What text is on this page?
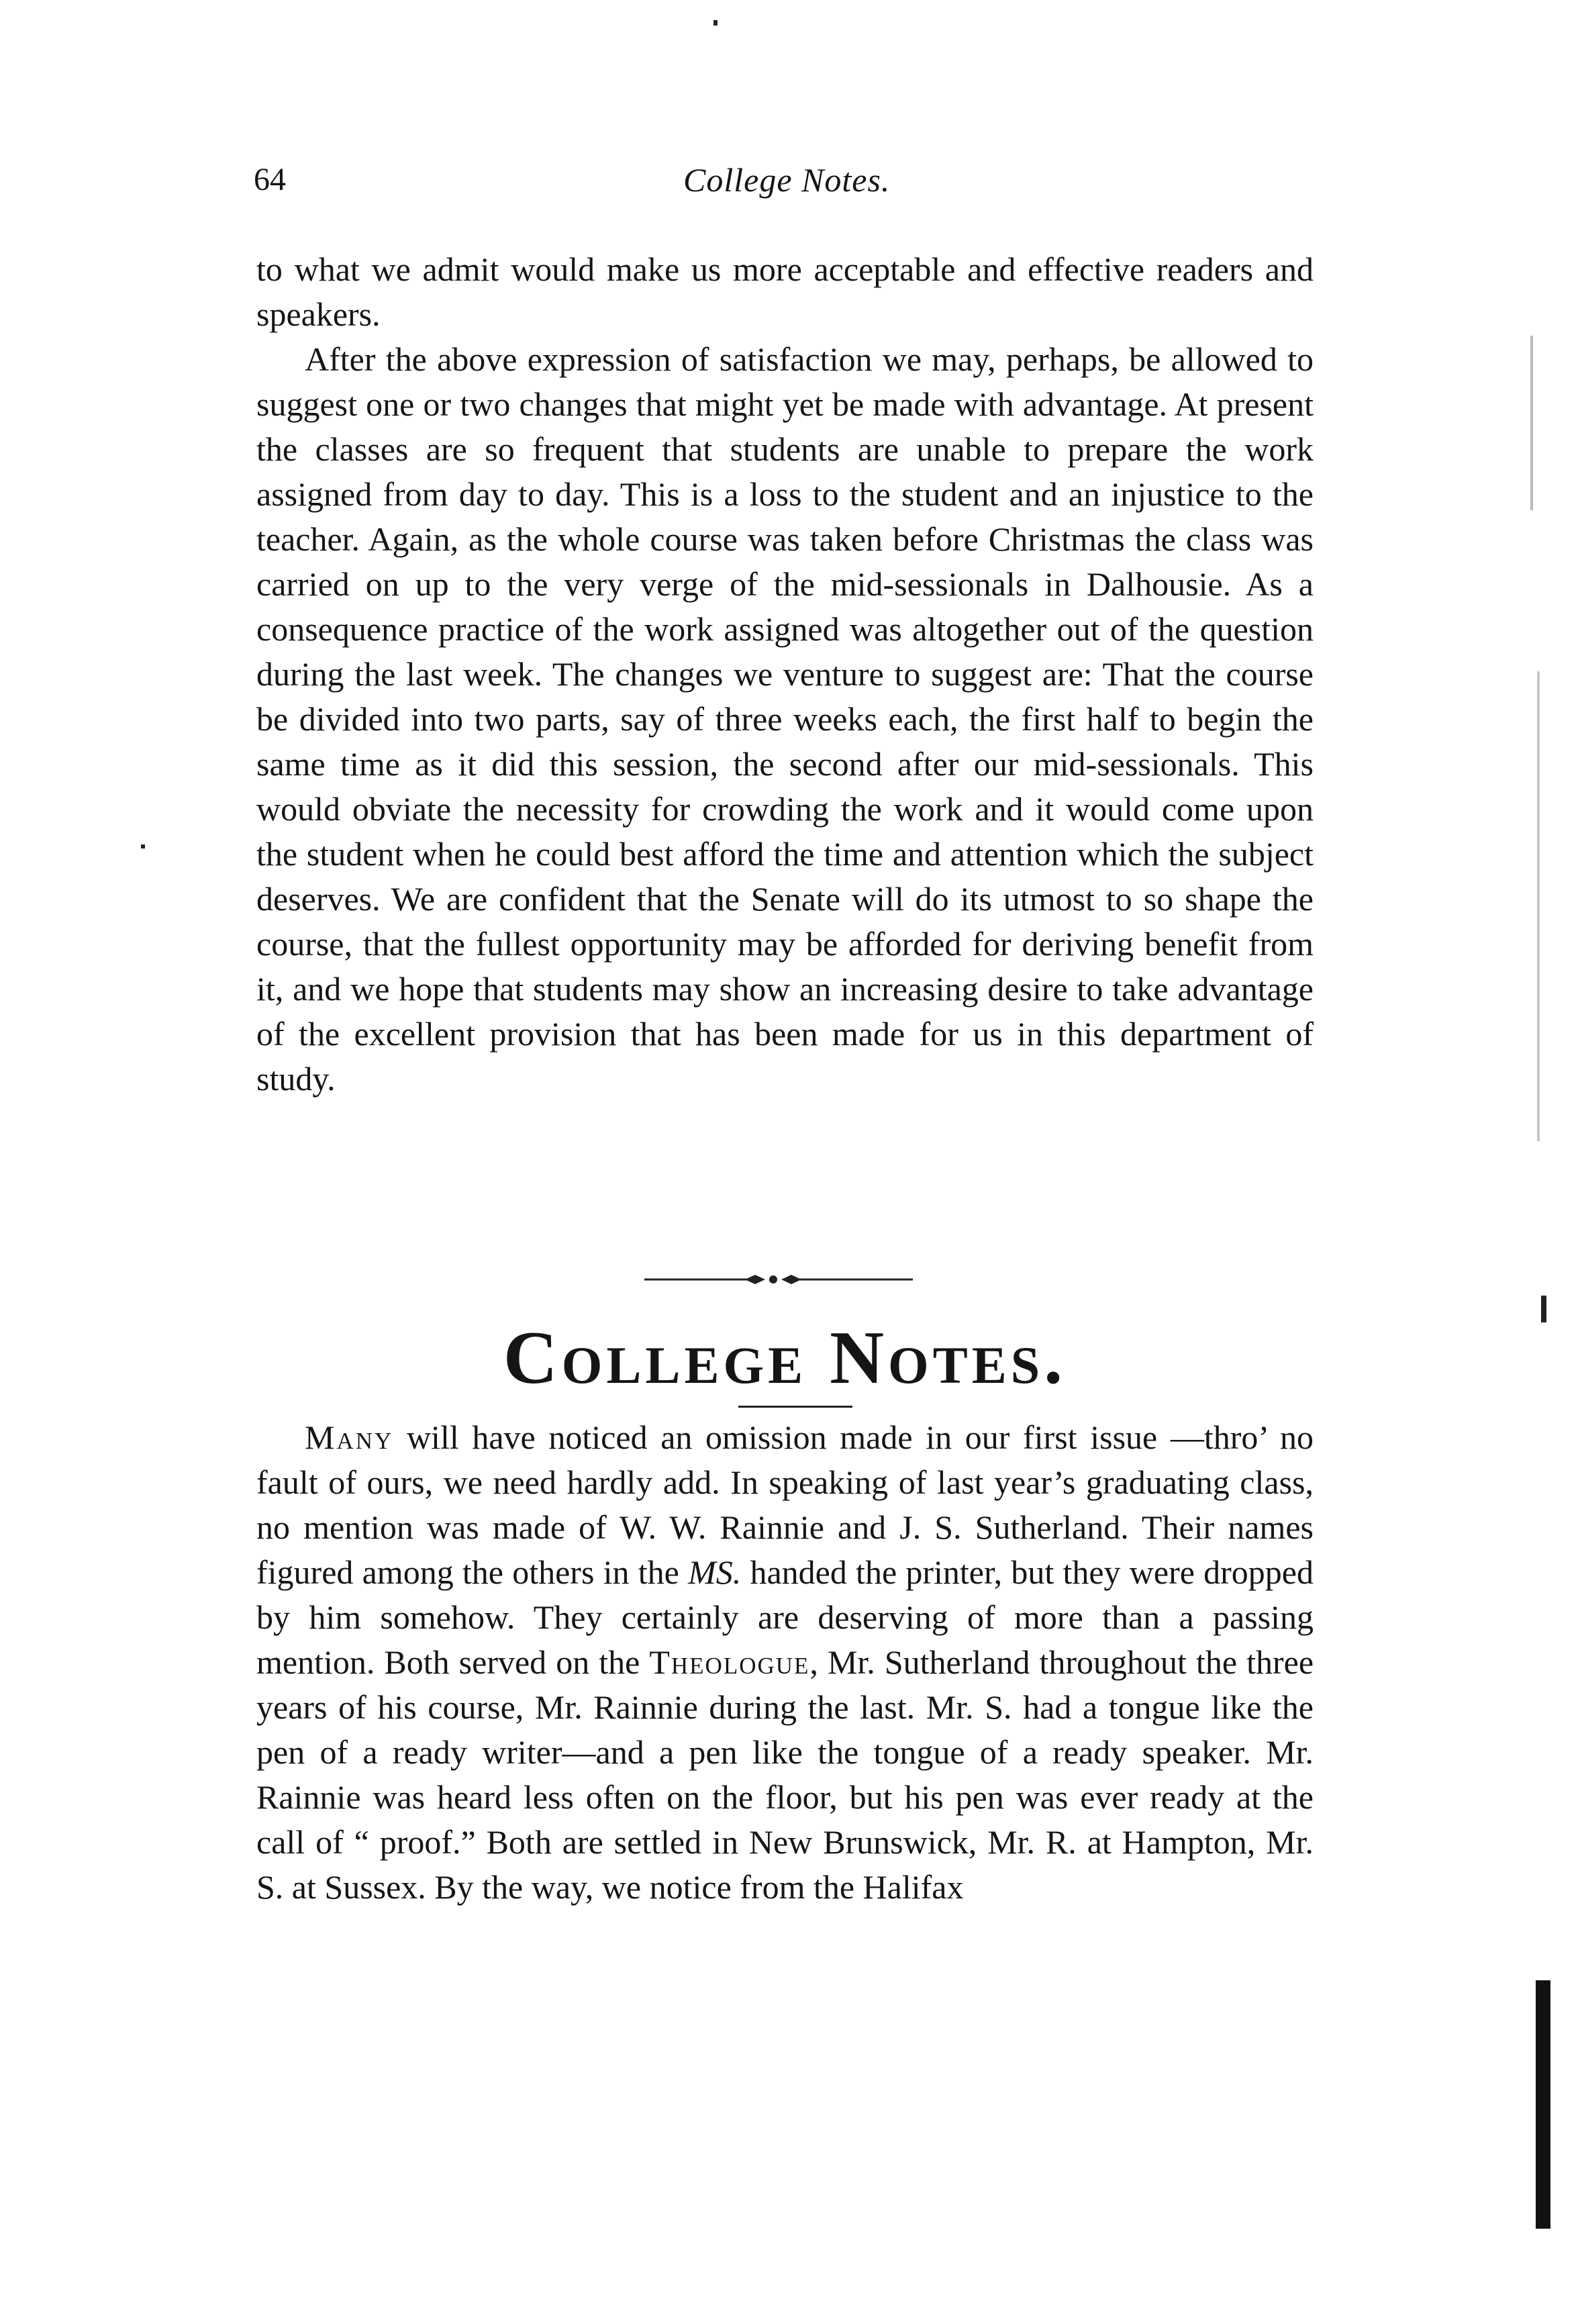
64	College Notes.

to what we admit would make us more acceptable and effective readers and speakers.

After the above expression of satisfaction we may, perhaps, be allowed to suggest one or two changes that might yet be made with advantage. At present the classes are so frequent that students are unable to prepare the work assigned from day to day. This is a loss to the student and an injustice to the teacher. Again, as the whole course was taken before Christmas the class was carried on up to the very verge of the mid-sessionals in Dalhousie. As a consequence practice of the work assigned was altogether out of the question during the last week. The changes we venture to suggest are: That the course be divided into two parts, say of three weeks each, the first half to begin the same time as it did this session, the second after our mid-sessionals. This would obviate the necessity for crowding the work and it would come upon the student when he could best afford the time and attention which the subject deserves. We are confident that the Senate will do its utmost to so shape the course, that the fullest opportunity may be afforded for deriving benefit from it, and we hope that students may show an increasing desire to take advantage of the excellent provision that has been made for us in this department of study.

College Notes.

Many will have noticed an omission made in our first issue —thro’ no fault of ours, we need hardly add. In speaking of last year’s graduating class, no mention was made of W. W. Rainnie and J. S. Sutherland. Their names figured among the others in the MS. handed the printer, but they were dropped by him somehow. They certainly are deserving of more than a passing mention. Both served on the Theologue, Mr. Sutherland throughout the three years of his course, Mr. Rainnie during the last. Mr. S. had a tongue like the pen of a ready writer—and a pen like the tongue of a ready speaker. Mr. Rainnie was heard less often on the floor, but his pen was ever ready at the call of “ proof.” Both are settled in New Brunswick, Mr. R. at Hampton, Mr. S. at Sussex. By the way, we notice from the Halifax
